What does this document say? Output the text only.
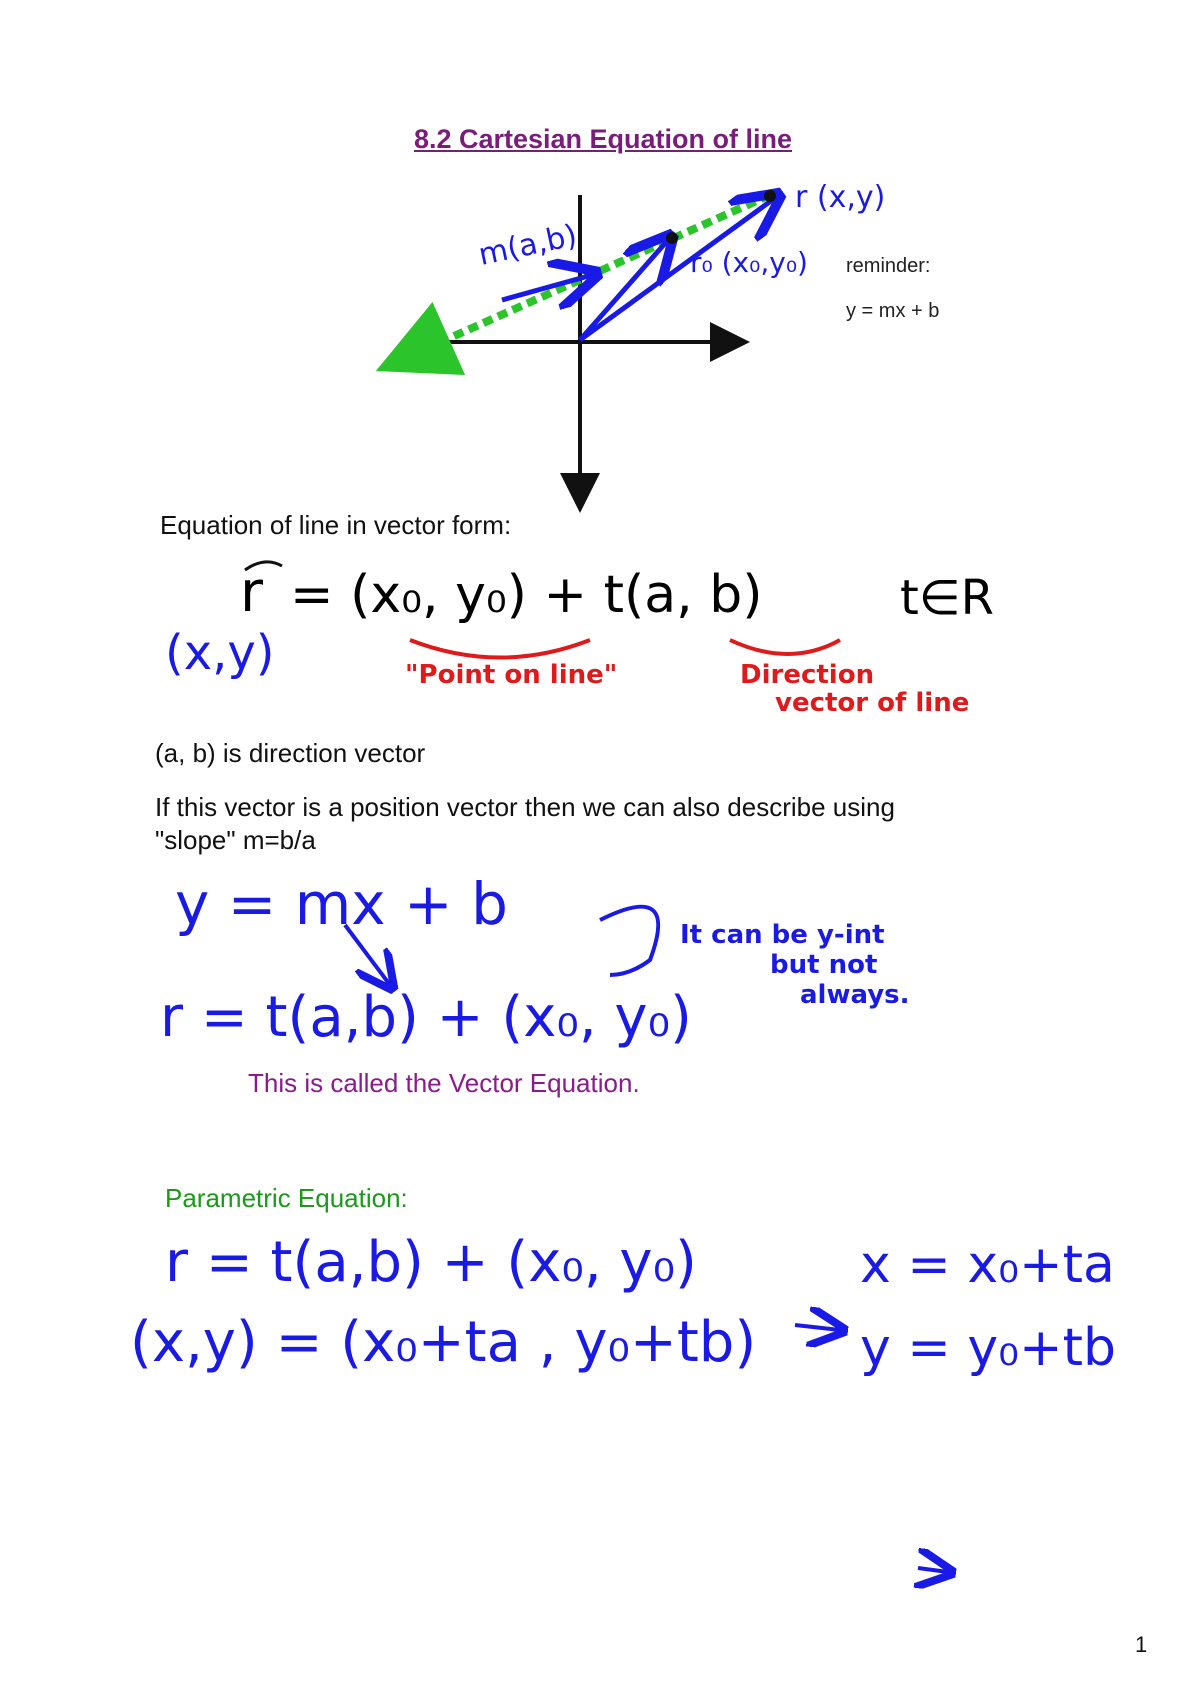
8.2 Cartesian Equation of line
m(a,b)
r (x,y)
r₀ (x₀,y₀) reminder:
y = mx + b
Equation of line in vector form:
r = (x₀, y₀) + t(a, b)	t∈R
(x,y)	"Point on line"	Direction
vector of line
(a, b) is direction vector
If this vector is a position vector then we can also describe using
"slope" m=b/a
y = mx + b
r = t(a,b) + (x₀, y₀)
It can be y-int
but not
always.
This is called the Vector Equation.
Parametric Equation:
r = t(a,b) + (x₀, y₀)
(x,y) = (x₀+ta , y₀+tb)
x = x₀+ta
y = y₀+tb
1
